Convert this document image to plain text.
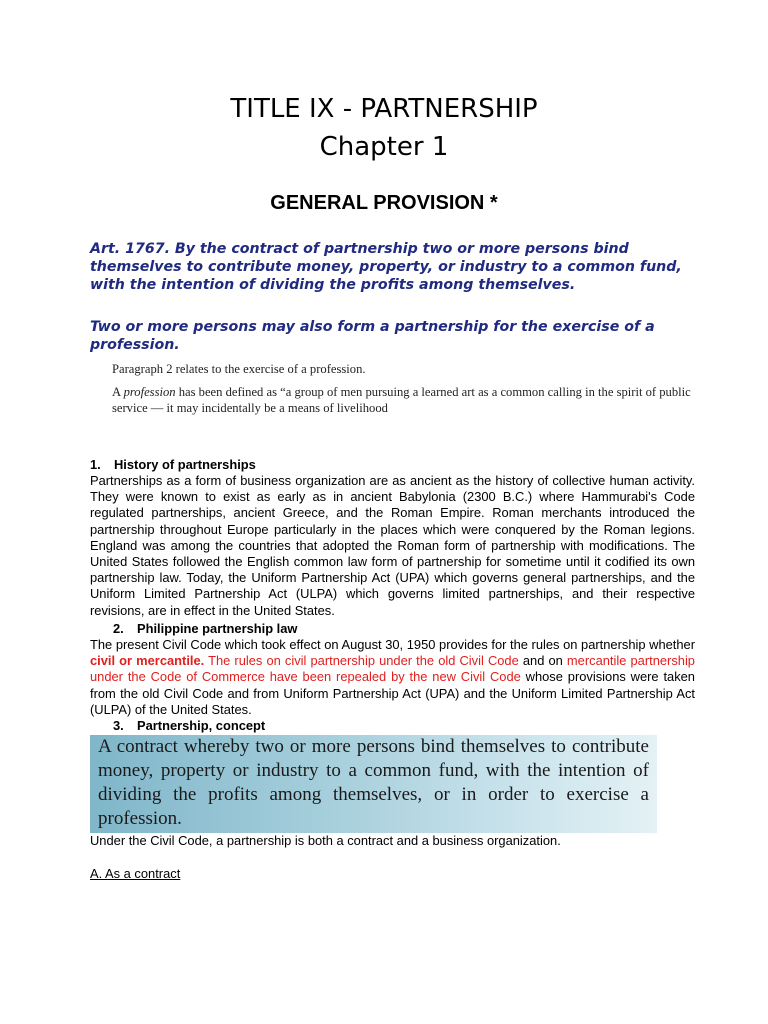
TITLE IX - PARTNERSHIP
Chapter 1
GENERAL PROVISION *
Art. 1767. By the contract of partnership two or more persons bind themselves to contribute money, property, or industry to a common fund, with the intention of dividing the profits among themselves.
Two or more persons may also form a partnership for the exercise of a profession.
Paragraph 2 relates to the exercise of a profession.
A profession has been defined as “a group of men pursuing a learned art as a common calling in the spirit of public service — it may incidentally be a means of livelihood
1. History of partnerships
Partnerships as a form of business organization are as ancient as the history of collective human activity. They were known to exist as early as in ancient Babylonia (2300 B.C.) where Hammurabi's Code regulated partnerships, ancient Greece, and the Roman Empire. Roman merchants introduced the partnership throughout Europe particularly in the places which were conquered by the Roman legions. England was among the countries that adopted the Roman form of partnership with modifications. The United States followed the English common law form of partnership for sometime until it codified its own partnership law. Today, the Uniform Partnership Act (UPA) which governs general partnerships, and the Uniform Limited Partnership Act (ULPA) which governs limited partnerships, and their respective revisions, are in effect in the United States.
2. Philippine partnership law
The present Civil Code which took effect on August 30, 1950 provides for the rules on partnership whether civil or mercantile. The rules on civil partnership under the old Civil Code and on mercantile partnership under the Code of Commerce have been repealed by the new Civil Code whose provisions were taken from the old Civil Code and from Uniform Partnership Act (UPA) and the Uniform Limited Partnership Act (ULPA) of the United States.
3. Partnership, concept
A contract whereby two or more persons bind themselves to contribute money, property or industry to a common fund, with the intention of dividing the profits among themselves, or in order to exercise a profession.
Under the Civil Code, a partnership is both a contract and a business organization.
A. As a contract
